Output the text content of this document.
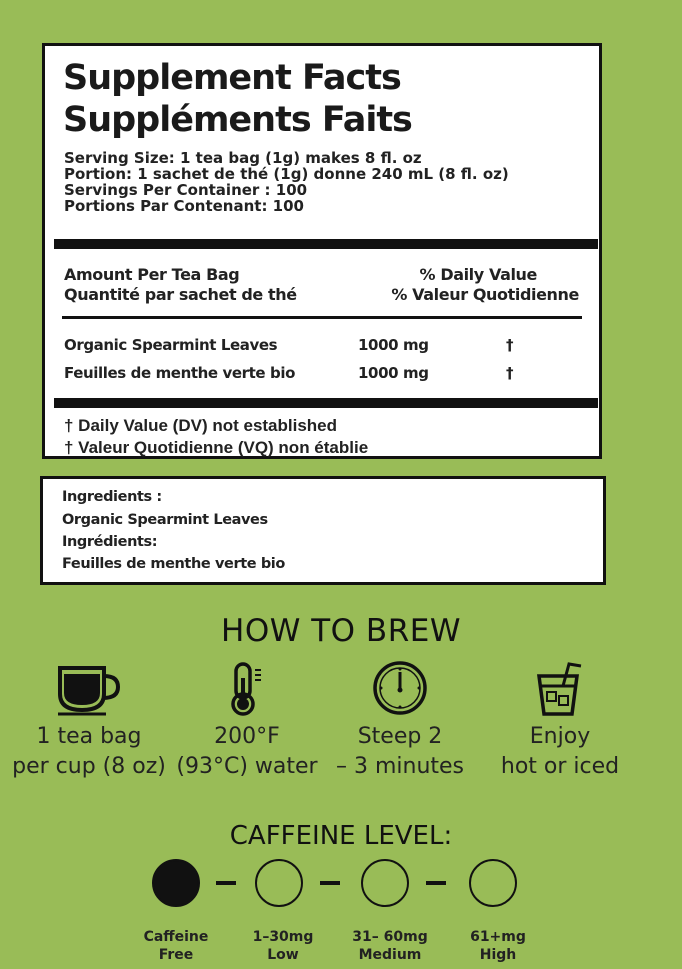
Supplement Facts
Suppléments Faits
Serving Size: 1 tea bag (1g) makes 8 fl. oz
Portion: 1 sachet de thé (1g) donne 240 mL (8 fl. oz)
Servings Per Container : 100
Portions Par Contenant: 100
Amount Per Tea Bag
Quantité par sachet de thé
% Daily Value
% Valeur Quotidienne
Organic Spearmint Leaves	1000 mg	†
Feuilles de menthe verte bio	1000 mg	†
† Daily Value (DV) not established
† Valeur Quotidienne (VQ) non établie
Ingredients :
Organic Spearmint Leaves
Ingrédients:
Feuilles de menthe verte bio
HOW TO BREW
1 tea bag
per cup (8 oz)
200°F
(93°C) water
Steep 2
– 3 minutes
Enjoy
hot or iced
CAFFEINE LEVEL:
Caffeine
Free
1–30mg
Low
31– 60mg
Medium
61+mg
High
